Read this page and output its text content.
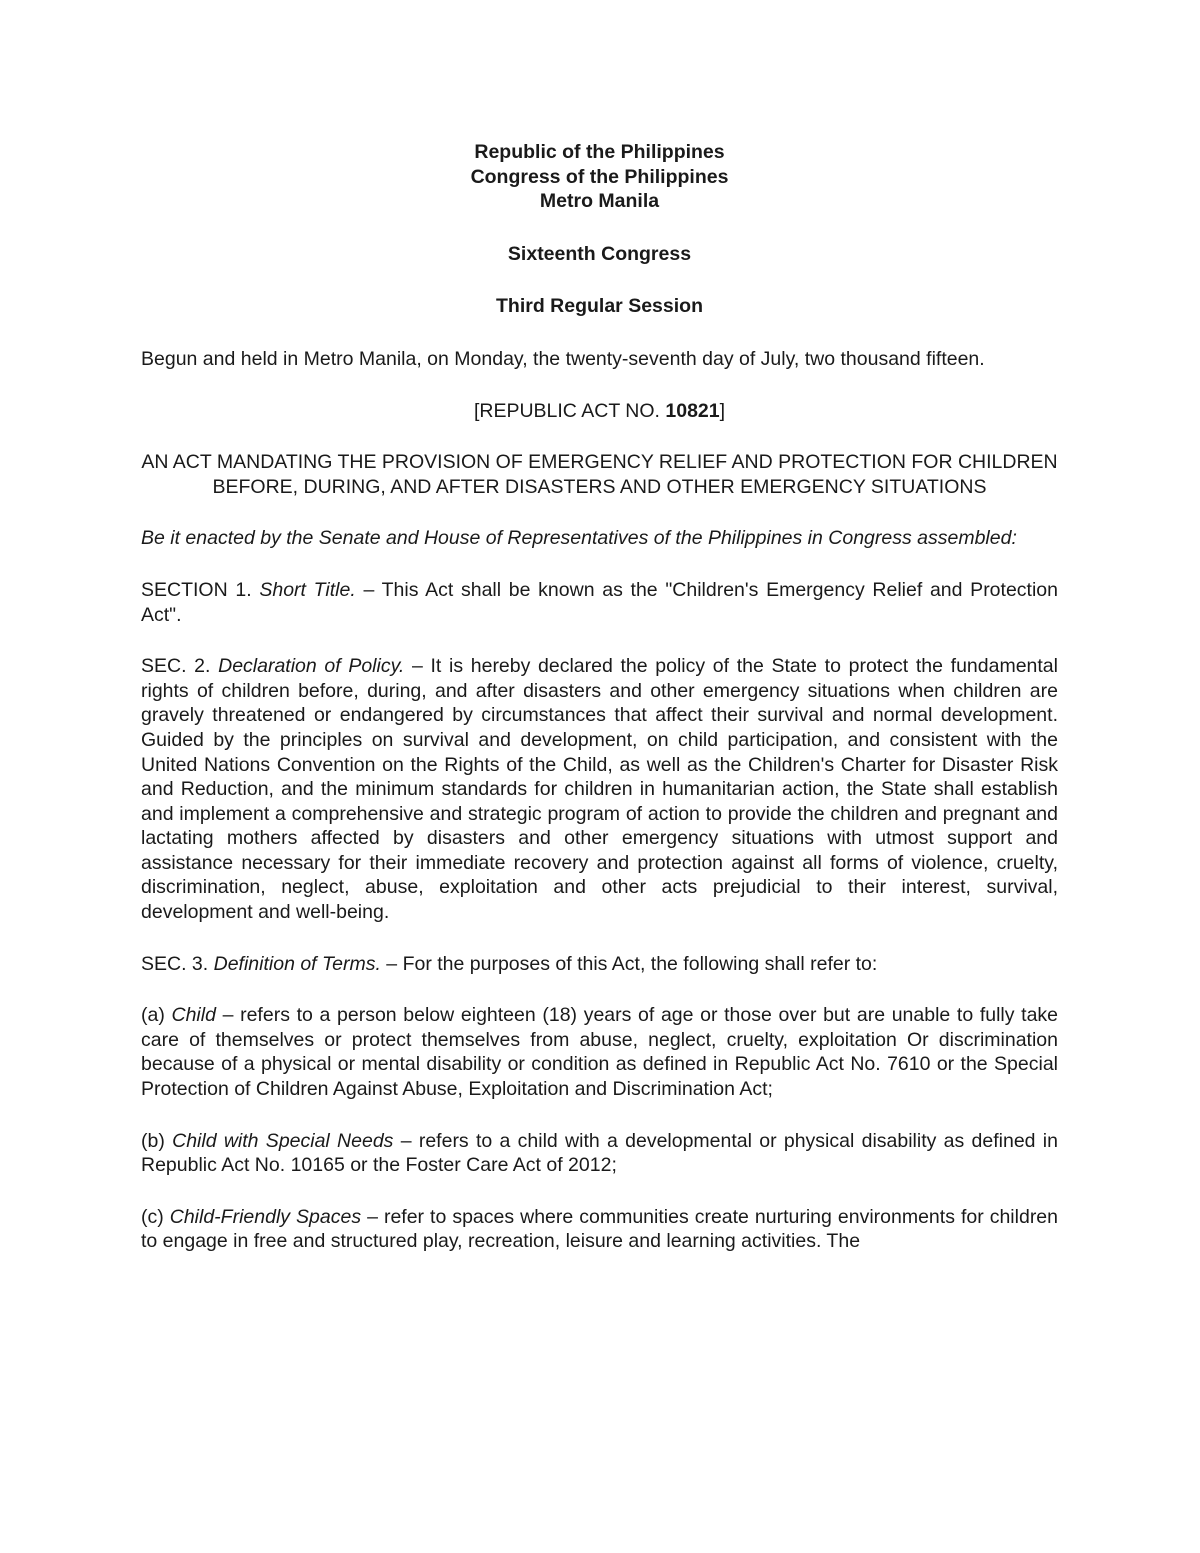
Republic of the Philippines

Congress of the Philippines

Metro Manila

Sixteenth Congress

Third Regular Session

Begun and held in Metro Manila, on Monday, the twenty-seventh day of July, two thousand fifteen.

[REPUBLIC ACT NO. 10821]

AN ACT MANDATING THE PROVISION OF EMERGENCY RELIEF AND PROTECTION FOR CHILDREN BEFORE, DURING, AND AFTER DISASTERS AND OTHER EMERGENCY SITUATIONS

Be it enacted by the Senate and House of Representatives of the Philippines in Congress assembled:

SECTION 1. Short Title. – This Act shall be known as the "Children's Emergency Relief and Protection Act".

SEC. 2. Declaration of Policy. – It is hereby declared the policy of the State to protect the fundamental rights of children before, during, and after disasters and other emergency situations when children are gravely threatened or endangered by circumstances that affect their survival and normal development. Guided by the principles on survival and development, on child participation, and consistent with the United Nations Convention on the Rights of the Child, as well as the Children's Charter for Disaster Risk and Reduction, and the minimum standards for children in humanitarian action, the State shall establish and implement a comprehensive and strategic program of action to provide the children and pregnant and lactating mothers affected by disasters and other emergency situations with utmost support and assistance necessary for their immediate recovery and protection against all forms of violence, cruelty, discrimination, neglect, abuse, exploitation and other acts prejudicial to their interest, survival, development and well-being.

SEC. 3. Definition of Terms. – For the purposes of this Act, the following shall refer to:

(a) Child – refers to a person below eighteen (18) years of age or those over but are unable to fully take care of themselves or protect themselves from abuse, neglect, cruelty, exploitation Or discrimination because of a physical or mental disability or condition as defined in Republic Act No. 7610 or the Special Protection of Children Against Abuse, Exploitation and Discrimination Act;

(b) Child with Special Needs – refers to a child with a developmental or physical disability as defined in Republic Act No. 10165 or the Foster Care Act of 2012;

(c) Child-Friendly Spaces – refer to spaces where communities create nurturing environments for children to engage in free and structured play, recreation, leisure and learning activities. The
